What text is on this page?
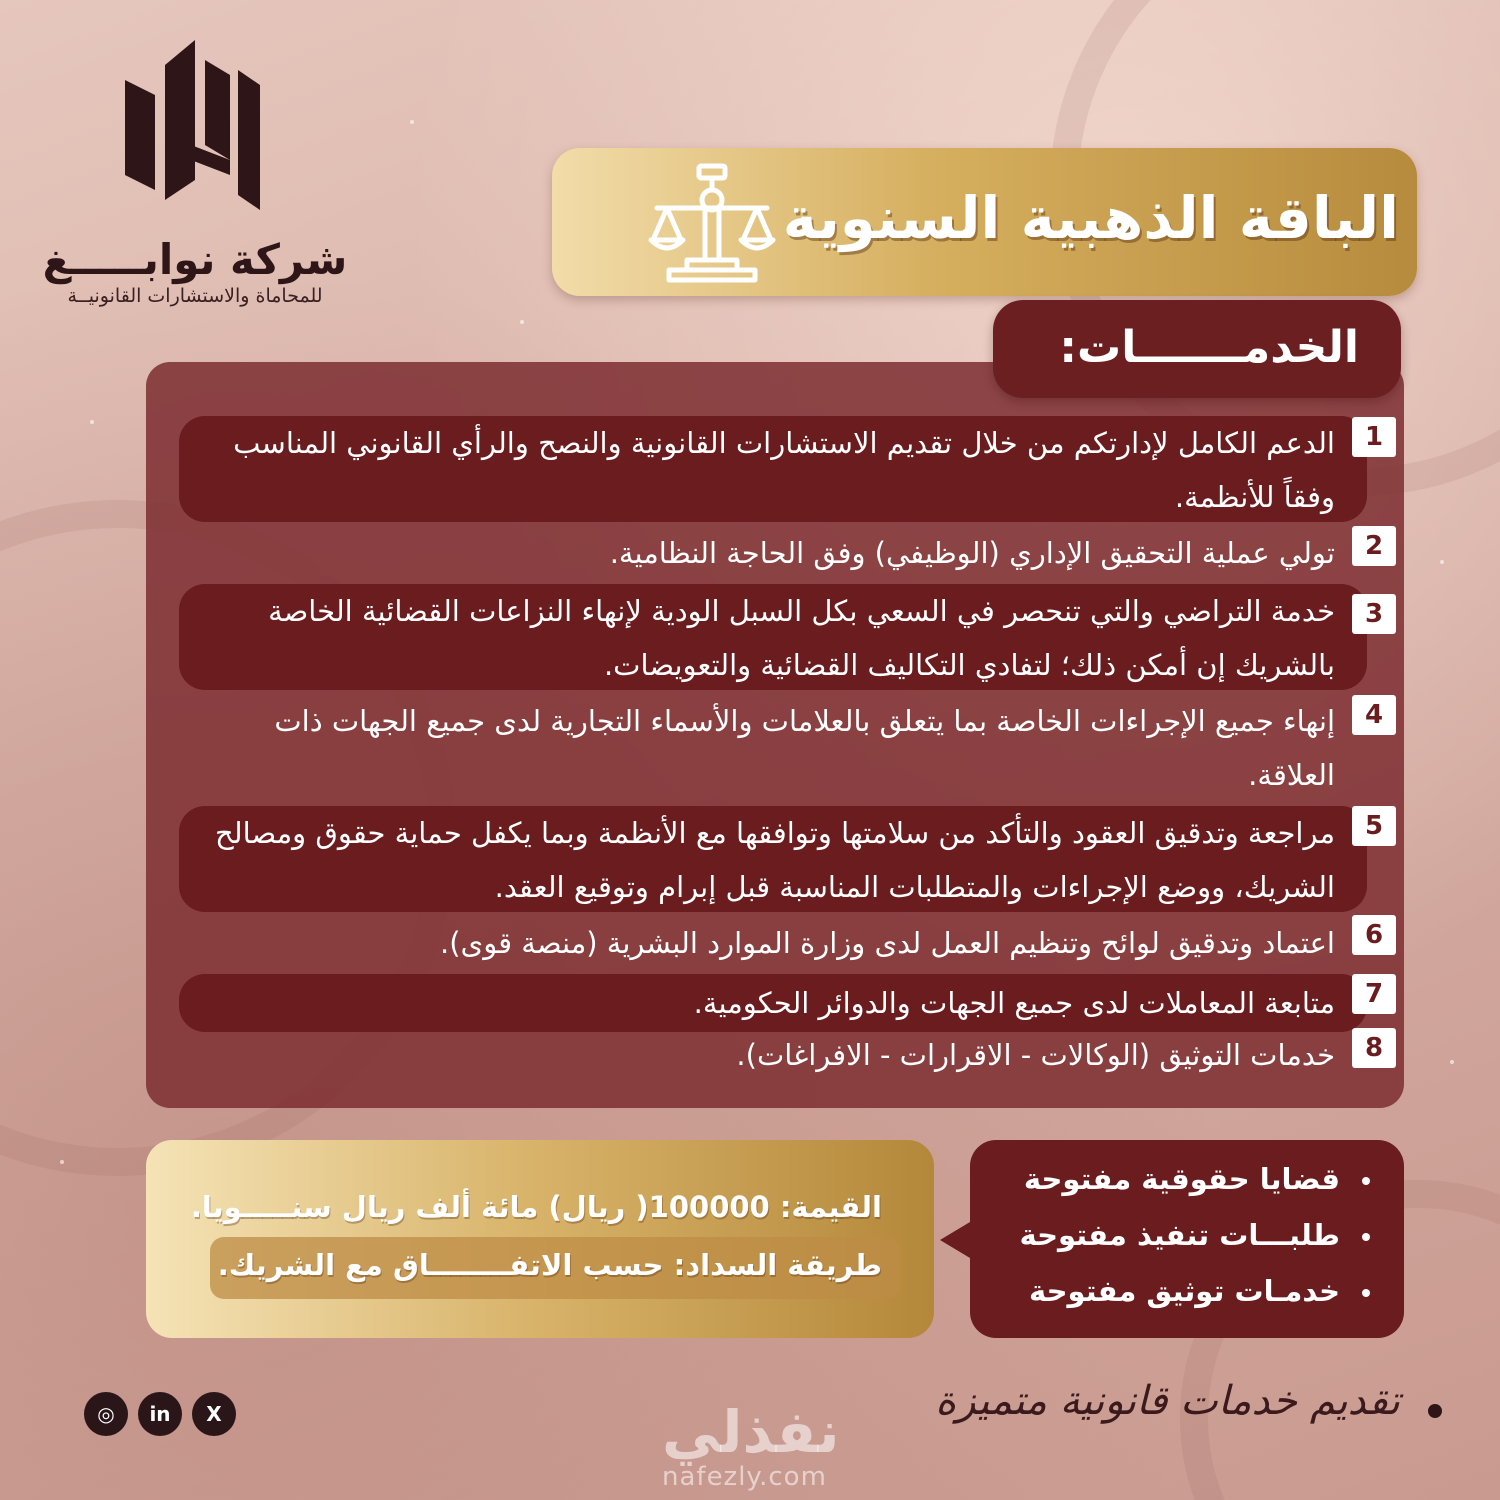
شركة نوابـــــغ
للمحاماة والاستشارات القانونيــة
الباقة الذهبية السنوية
الدعم الكامل لإدارتكم من خلال تقديم الاستشارات القانونية والنصح والرأي القانوني المناسب وفقاً للأنظمة.
1
تولي عملية التحقيق الإداري (الوظيفي) وفق الحاجة النظامية.	2
خدمة التراضي والتي تنحصر في السعي بكل السبل الودية لإنهاء النزاعات القضائية الخاصة بالشريك إن أمكن ذلك؛ لتفادي التكاليف القضائية والتعويضات.
3
إنهاء جميع الإجراءات الخاصة بما يتعلق بالعلامات والأسماء التجارية لدى جميع الجهات ذات العلاقة.
4
مراجعة وتدقيق العقود والتأكد من سلامتها وتوافقها مع الأنظمة وبما يكفل حماية حقوق ومصالح الشريك، ووضع الإجراءات والمتطلبات المناسبة قبل إبرام وتوقيع العقد.
5
اعتماد وتدقيق لوائح وتنظيم العمل لدى وزارة الموارد البشرية (منصة قوى).	6
متابعة المعاملات لدى جميع الجهات والدوائر الحكومية.	7
خدمات التوثيق (الوكالات - الاقرارات - الافراغات).	8
الخدمـــــــات:
القيمة: 100000( ريال) مائة ألف ريال سنـــــويا.
طريقة السداد: حسب الاتفــــــــاق مع الشريك.
قضايا حقوقية مفتوحة
طلبـــات تنفيذ مفتوحة
خدمـات توثيق مفتوحة
تقديم خدمات قانونية متميزة
◎	in	X	نفذلي
nafezly.com
